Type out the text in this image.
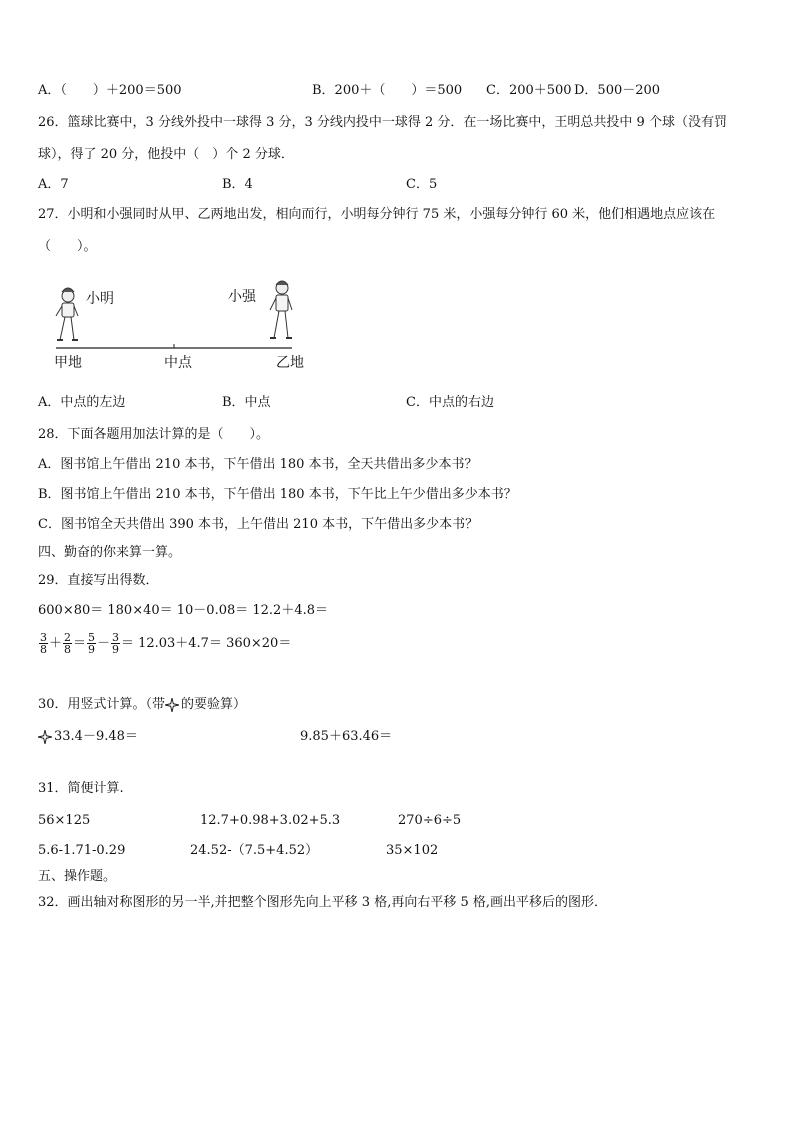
A．（　　）＋200＝500	B．200＋（　　）＝500 C．200＋500 D．500－200
26．篮球比赛中，3 分线外投中一球得 3 分，3 分线内投中一球得 2 分．在一场比赛中，王明总共投中 9 个球（没有罚
球），得了 20 分，他投中（　）个 2 分球．
A．7	B．4	C．5
27．小明和小强同时从甲、乙两地出发，相向而行，小明每分钟行 75 米，小强每分钟行 60 米，他们相遇地点应该在
（　　）。
小明	小强
甲地	中点	乙地
A．中点的左边	B．中点	C．中点的右边
28．下面各题用加法计算的是（　　）。
A．图书馆上午借出 210 本书，下午借出 180 本书，全天共借出多少本书？
B．图书馆上午借出 210 本书，下午借出 180 本书，下午比上午少借出多少本书？
C．图书馆全天共借出 390 本书，上午借出 210 本书，下午借出多少本书？
四、勤奋的你来算一算。
29．直接写出得数．
600×80＝ 180×40＝ 10－0.08＝ 12.2＋4.8＝
$\frac{3}{8} + \frac{2}{8} = \frac{5}{9} - \frac{3}{9} = 12.03+4.7= 360\times 20=$
30．用竖式计算。（带 的要验算）
33.4－9.48＝	9.85＋63.46＝
31．简便计算.
56×125	12.7+0.98+3.02+5.3	270÷6÷5
5.6-1.71-0.29	24.52-（7.5+4.52）	35×102
五、操作题。
32．画出轴对称图形的另一半,并把整个图形先向上平移 3 格,再向右平移 5 格,画出平移后的图形．
